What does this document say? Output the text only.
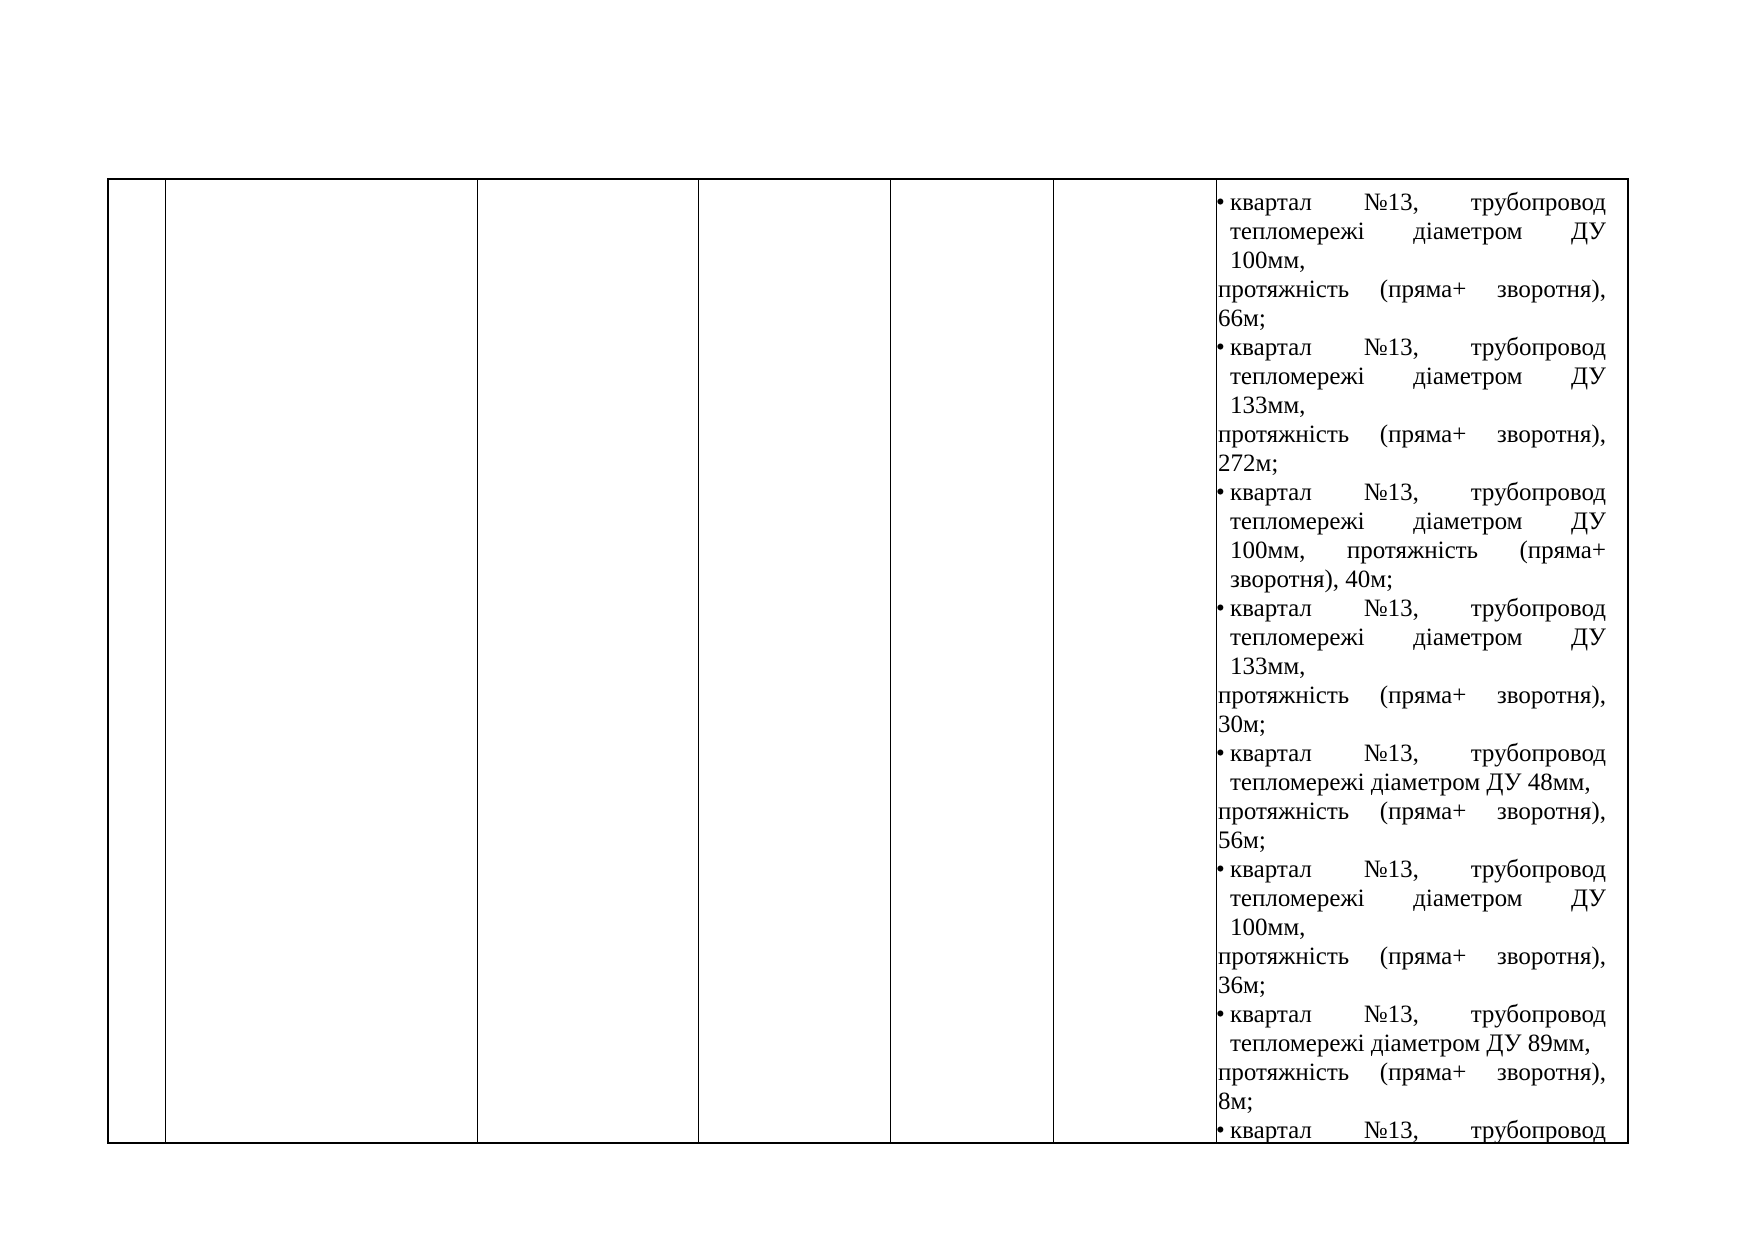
• квартал №13, трубопровод
тепломережі діаметром ДУ
100мм,
протяжність (пряма+ зворотня),
66м;
• квартал №13, трубопровод
тепломережі діаметром ДУ
133мм,
протяжність (пряма+ зворотня),
272м;
• квартал №13, трубопровод
тепломережі діаметром ДУ
100мм, протяжність (пряма+
зворотня), 40м;
• квартал №13, трубопровод
тепломережі діаметром ДУ
133мм,
протяжність (пряма+ зворотня),
30м;
• квартал №13, трубопровод
тепломережі діаметром ДУ 48мм,
протяжність (пряма+ зворотня),
56м;
• квартал №13, трубопровод
тепломережі діаметром ДУ
100мм,
протяжність (пряма+ зворотня),
36м;
• квартал №13, трубопровод
тепломережі діаметром ДУ 89мм,
протяжність (пряма+ зворотня),
8м;
• квартал №13, трубопровод
